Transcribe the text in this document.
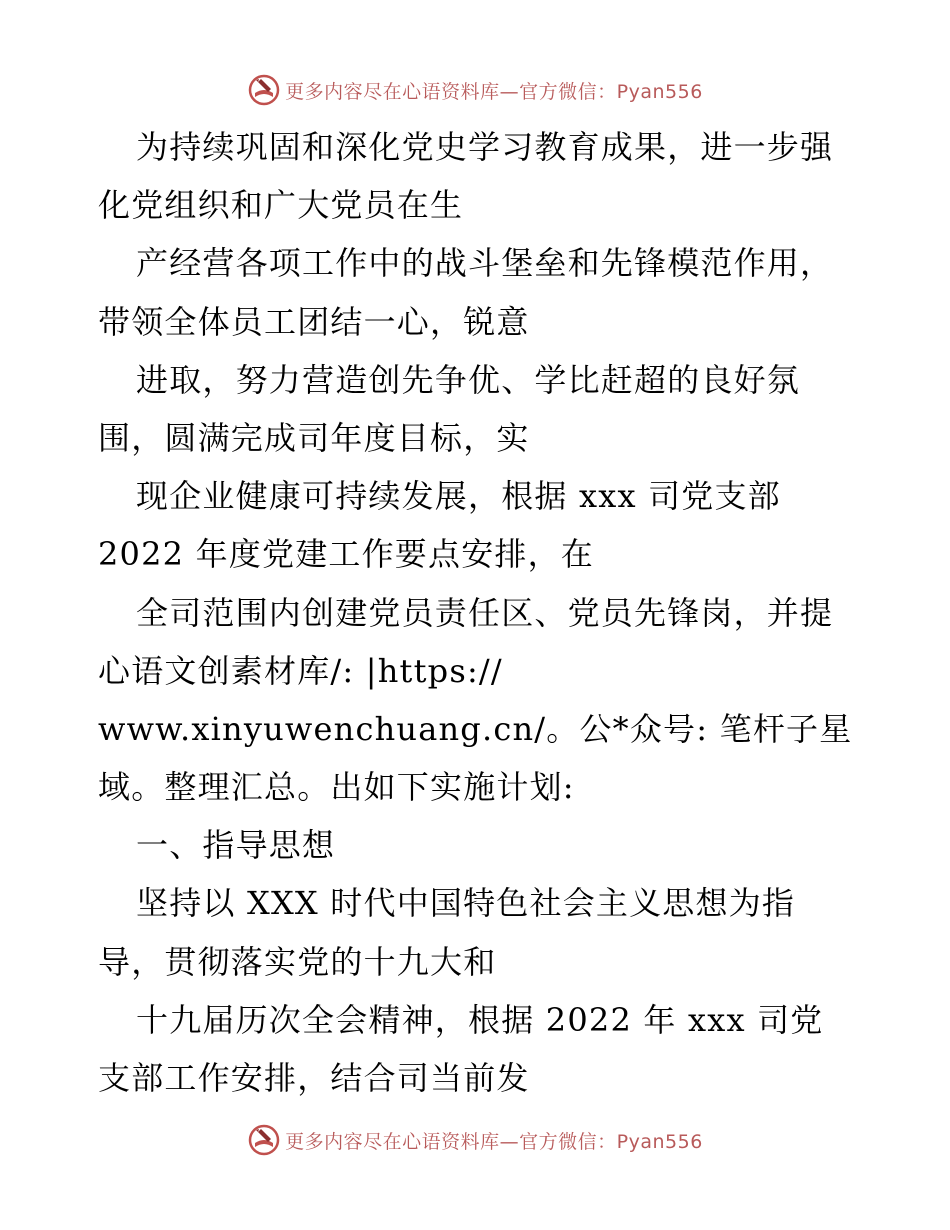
更多内容尽在心语资料库—官方微信：Pyan556
为持续巩固和深化党史学习教育成果，进一步强
化党组织和广大党员在生
产经营各项工作中的战斗堡垒和先锋模范作用，
带领全体员工团结一心，锐意
进取，努力营造创先争优、学比赶超的良好氛
围，圆满完成司年度目标，实
现企业健康可持续发展，根据 xxx 司党支部
2022 年度党建工作要点安排，在
全司范围内创建党员责任区、党员先锋岗，并提
心语文创素材库/: |https://
www.xinyuwenchuang.cn/。公*众号: 笔杆子星
域。整理汇总。出如下实施计划:
一、指导思想
坚持以 XXX 时代中国特色社会主义思想为指
导，贯彻落实党的十九大和
十九届历次全会精神，根据 2022 年 xxx 司党
支部工作安排，结合司当前发
更多内容尽在心语资料库—官方微信：Pyan556
